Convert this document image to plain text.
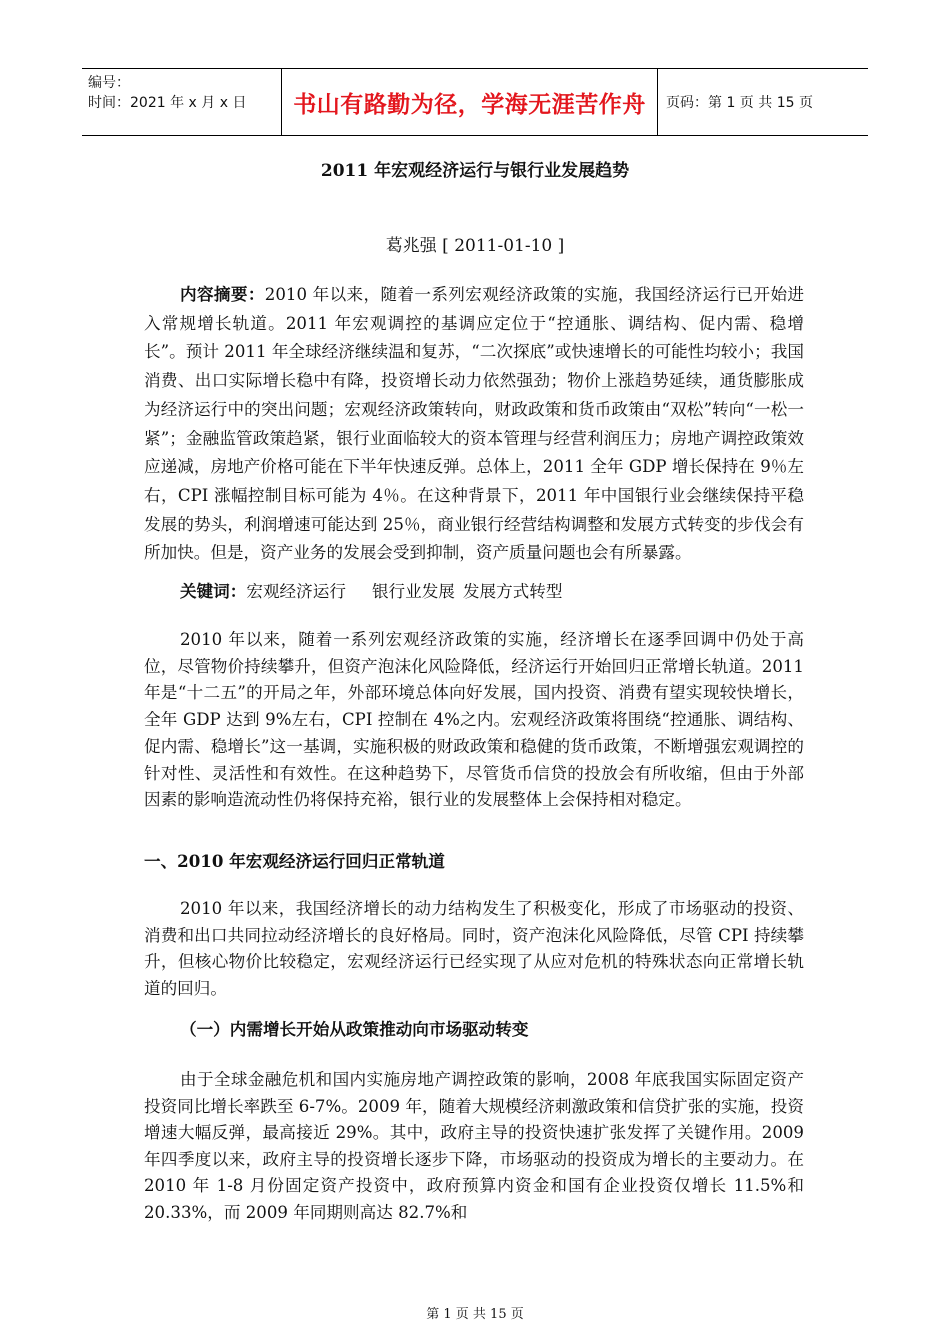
编号：
时间：2021 年 x 月 x 日	书山有路勤为径，学海无涯苦作舟	页码：第 1 页 共 15 页
2011 年宏观经济运行与银行业发展趋势
葛兆强 [ 2011-01-10 ]
内容摘要：2010 年以来，随着一系列宏观经济政策的实施，我国经济运行已开始进入常规增长轨道。2011 年宏观调控的基调应定位于“控通胀、调结构、促内需、稳增长”。预计 2011 年全球经济继续温和复苏，“二次探底”或快速增长的可能性均较小；我国消费、出口实际增长稳中有降，投资增长动力依然强劲；物价上涨趋势延续，通货膨胀成为经济运行中的突出问题；宏观经济政策转向，财政政策和货币政策由“双松”转向“一松一紧”；金融监管政策趋紧，银行业面临较大的资本管理与经营利润压力；房地产调控政策效应递减，房地产价格可能在下半年快速反弹。总体上，2011 全年 GDP 增长保持在 9％左右，CPI 涨幅控制目标可能为 4％。在这种背景下，2011 年中国银行业会继续保持平稳发展的势头，利润增速可能达到 25％，商业银行经营结构调整和发展方式转变的步伐会有所加快。但是，资产业务的发展会受到抑制，资产质量问题也会有所暴露。
关键词：宏观经济运行 银行业发展 发展方式转型
2010 年以来，随着一系列宏观经济政策的实施，经济增长在逐季回调中仍处于高位，尽管物价持续攀升，但资产泡沫化风险降低，经济运行开始回归正常增长轨道。2011 年是“十二五”的开局之年，外部环境总体向好发展，国内投资、消费有望实现较快增长，全年 GDP 达到 9%左右，CPI 控制在 4%之内。宏观经济政策将围绕“控通胀、调结构、促内需、稳增长”这一基调，实施积极的财政政策和稳健的货币政策，不断增强宏观调控的针对性、灵活性和有效性。在这种趋势下，尽管货币信贷的投放会有所收缩，但由于外部因素的影响造流动性仍将保持充裕，银行业的发展整体上会保持相对稳定。
一、2010 年宏观经济运行回归正常轨道
2010 年以来，我国经济增长的动力结构发生了积极变化，形成了市场驱动的投资、消费和出口共同拉动经济增长的良好格局。同时，资产泡沫化风险降低，尽管 CPI 持续攀升，但核心物价比较稳定，宏观经济运行已经实现了从应对危机的特殊状态向正常增长轨道的回归。
（一）内需增长开始从政策推动向市场驱动转变
由于全球金融危机和国内实施房地产调控政策的影响，2008 年底我国实际固定资产投资同比增长率跌至 6-7%。2009 年，随着大规模经济刺激政策和信贷扩张的实施，投资增速大幅反弹，最高接近 29%。其中，政府主导的投资快速扩张发挥了关键作用。2009 年四季度以来，政府主导的投资增长逐步下降，市场驱动的投资成为增长的主要动力。在 2010 年 1-8 月份固定资产投资中，政府预算内资金和国有企业投资仅增长 11.5%和 20.33%，而 2009 年同期则高达 82.7%和
第 1 页 共 15 页
